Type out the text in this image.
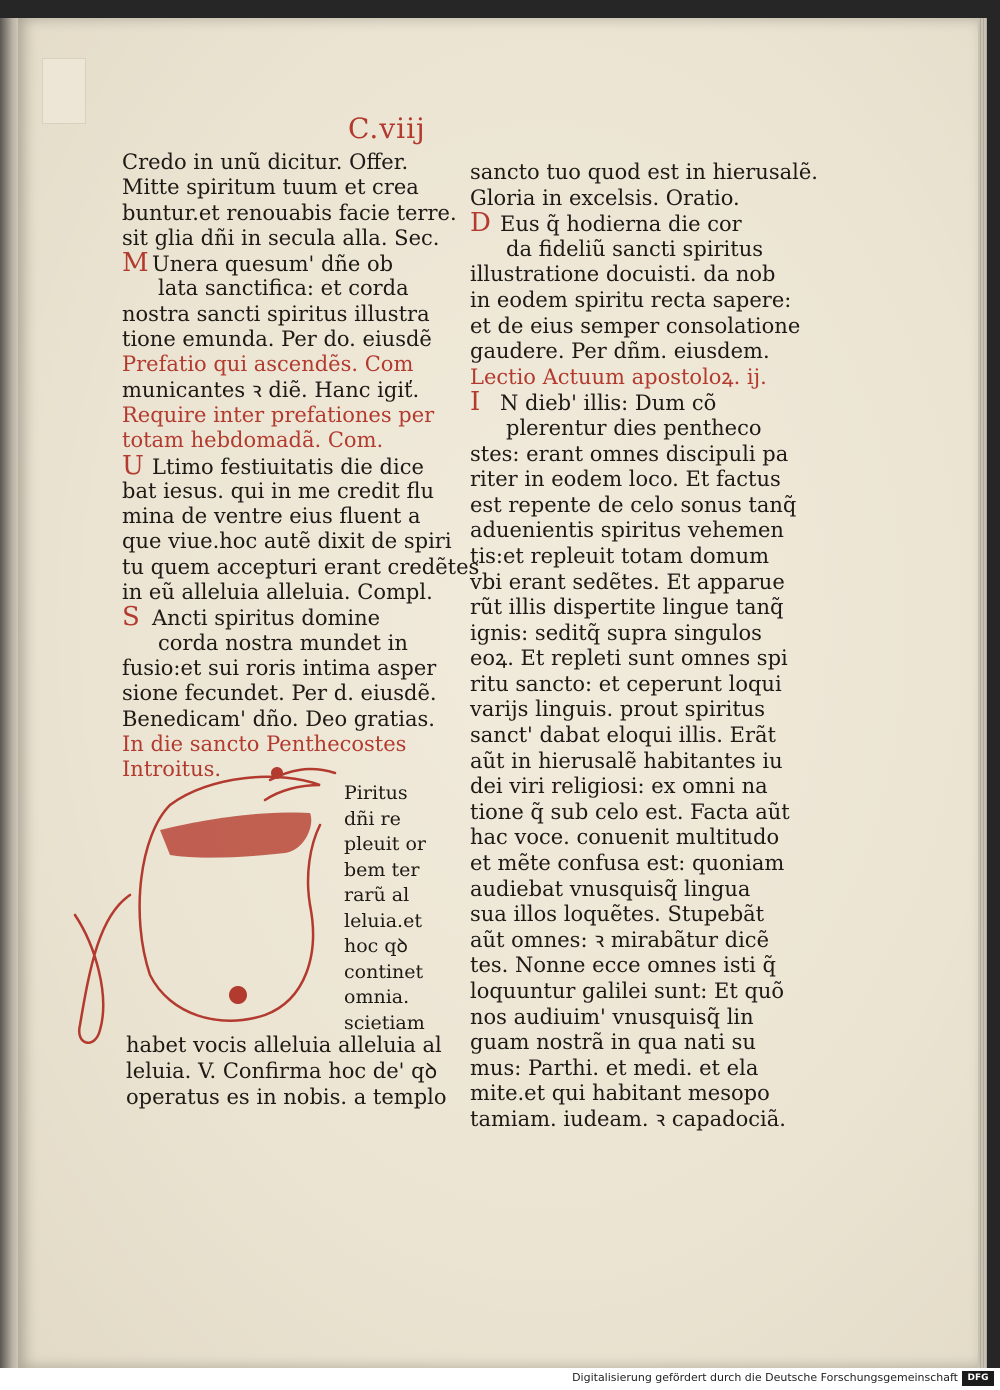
C.viij
Credo in unũ dicitur. Offer.
Mitte spiritum tuum et crea
buntur.et renouabis facie terre.
sit glia dñi in secula alla. Sec.
M Unera quesum' dñe ob
lata sanctifica: et corda
nostra sancti spiritus illustra
tione emunda. Per do. eiusdẽ
Prefatio qui ascendẽs. Com
municantes ꝛ diẽ. Hanc igiť.
Require inter prefationes per
totam hebdomadã. Com.
U Ltimo festiuitatis die dice
bat iesus. qui in me credit flu
mina de ventre eius fluent a
que viue.hoc autẽ dixit de spiri
tu quem accepturi erant credẽtes
in eũ alleluia alleluia. Compl.
S Ancti spiritus domine
corda nostra mundet in
fusio:et sui roris intima asper
sione fecundet. Per d. eiusdẽ.
Benedicam' dño. Deo gratias.
In die sancto Penthecostes
Introitus.
Piritus
dñi re
pleuit or
bem ter
rarũ al
leluia.et
hoc qꝺ
continet
omnia.
scietiam
habet vocis alleluia alleluia al
leluia. V. Confirma hoc de' qꝺ
operatus es in nobis. a templo
sancto tuo quod est in hierusalẽ.
Gloria in excelsis. Oratio.
D Eus q̃ hodierna die cor
da fideliũ sancti spiritus
illustratione docuisti. da nob
in eodem spiritu recta sapere:
et de eius semper consolatione
gaudere. Per dñm. eiusdem.
Lectio Actuum apostoloꝝ. ij.
I N dieb' illis: Dum cõ
plerentur dies pentheco
stes: erant omnes discipuli pa
riter in eodem loco. Et factus
est repente de celo sonus tanq̃
aduenientis spiritus vehemen
tis:et repleuit totam domum
vbi erant sedẽtes. Et apparue
rũt illis dispertite lingue tanq̃
ignis: seditq̃ supra singulos
eoꝝ. Et repleti sunt omnes spi
ritu sancto: et ceperunt loqui
varijs linguis. prout spiritus
sanct' dabat eloqui illis. Erãt
aũt in hierusalẽ habitantes iu
dei viri religiosi: ex omni na
tione q̃ sub celo est. Facta aũt
hac voce. conuenit multitudo
et mẽte confusa est: quoniam
audiebat vnusquisq̃ lingua
sua illos loquẽtes. Stupebãt
aũt omnes: ꝛ mirabãtur dicẽ
tes. Nonne ecce omnes isti q̃
loquuntur galilei sunt: Et quõ
nos audiuim' vnusquisq̃ lin
guam nostrã in qua nati su
mus: Parthi. et medi. et ela
mite.et qui habitant mesopo
tamiam. iudeam. ꝛ capadociã.
Digitalisierung gefördert durch die Deutsche Forschungsgemeinschaft	DFG
